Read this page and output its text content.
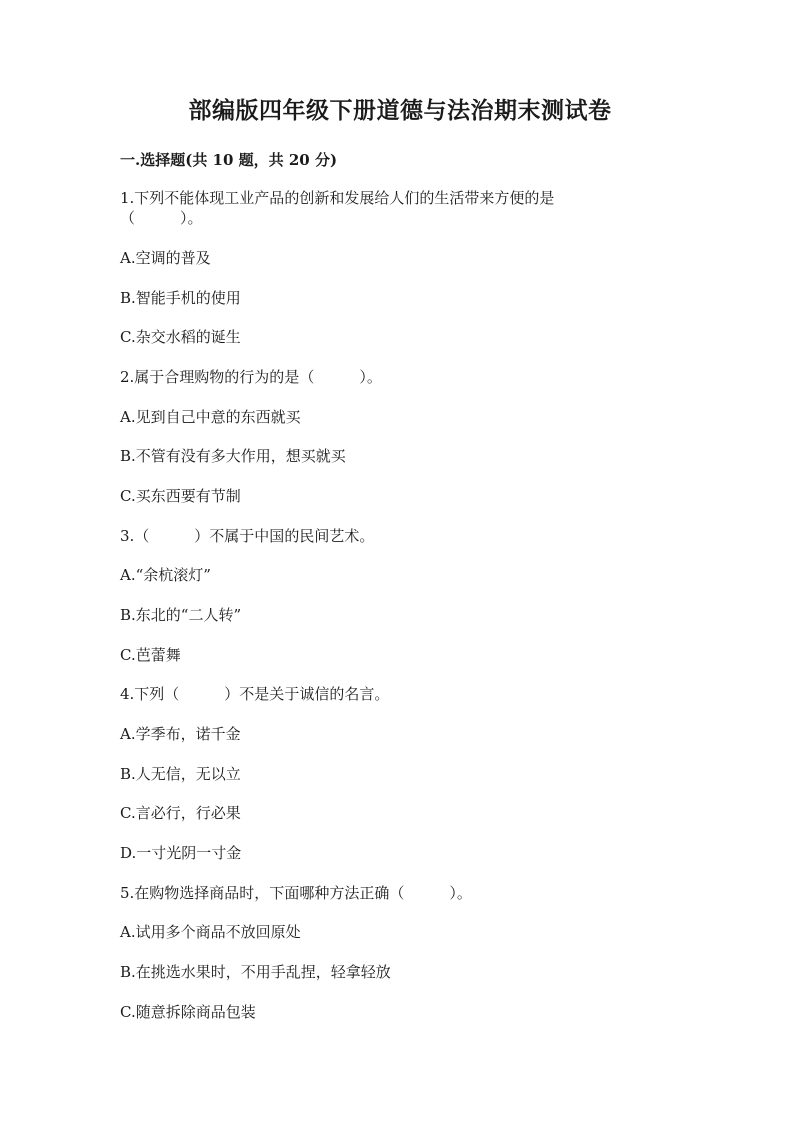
部编版四年级下册道德与法治期末测试卷
一.选择题(共 10 题，共 20 分)
1.下列不能体现工业产品的创新和发展给人们的生活带来方便的是
（　　　）。
A.空调的普及
B.智能手机的使用
C.杂交水稻的诞生
2.属于合理购物的行为的是（　　　）。
A.见到自己中意的东西就买
B.不管有没有多大作用，想买就买
C.买东西要有节制
3.（　　　）不属于中国的民间艺术。
A.“余杭滚灯”
B.东北的“二人转”
C.芭蕾舞
4.下列（　　　）不是关于诚信的名言。
A.学季布，诺千金
B.人无信，无以立
C.言必行，行必果
D.一寸光阴一寸金
5.在购物选择商品时，下面哪种方法正确（　　　）。
A.试用多个商品不放回原处
B.在挑选水果时，不用手乱捏，轻拿轻放
C.随意拆除商品包装
